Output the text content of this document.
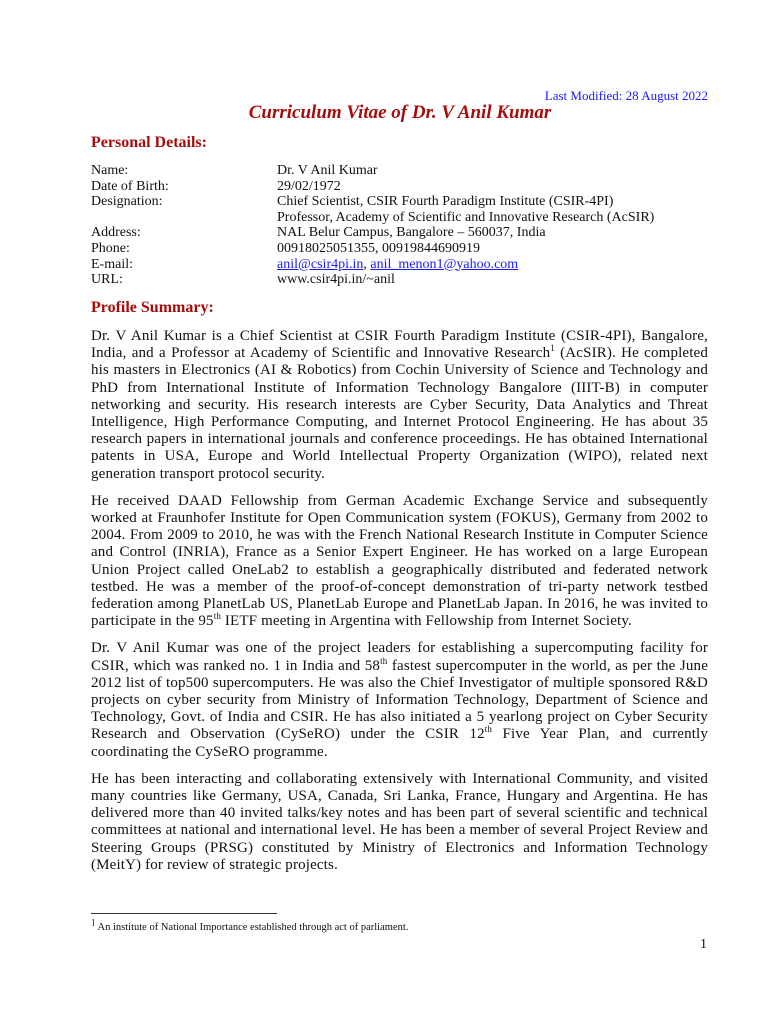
Last Modified: 28 August 2022
Curriculum Vitae of Dr. V Anil Kumar
Personal Details:
Name:	Dr. V Anil Kumar
Date of Birth:	29/02/1972
Designation:	Chief Scientist, CSIR Fourth Paradigm Institute (CSIR-4PI)
Professor, Academy of Scientific and Innovative Research (AcSIR)
Address:	NAL Belur Campus, Bangalore – 560037, India
Phone:	00918025051355, 00919844690919
E-mail:	anil@csir4pi.in, anil_menon1@yahoo.com
URL:	www.csir4pi.in/~anil
Profile Summary:

Dr. V Anil Kumar is a Chief Scientist at CSIR Fourth Paradigm Institute (CSIR-4PI), Bangalore, India, and a Professor at Academy of Scientific and Innovative Research$^1$ (AcSIR). He completed his masters in Electronics (AI & Robotics) from Cochin University of Science and Technology and PhD from International Institute of Information Technology Bangalore (IIIT-B) in computer networking and security. His research interests are Cyber Security, Data Analytics and Threat Intelligence, High Performance Computing, and Internet Protocol Engineering. He has about 35 research papers in international journals and conference proceedings. He has obtained International patents in USA, Europe and World Intellectual Property Organization (WIPO), related next generation transport protocol security.

He received DAAD Fellowship from German Academic Exchange Service and subsequently worked at Fraunhofer Institute for Open Communication system (FOKUS), Germany from 2002 to 2004. From 2009 to 2010, he was with the French National Research Institute in Computer Science and Control (INRIA), France as a Senior Expert Engineer. He has worked on a large European Union Project called OneLab2 to establish a geographically distributed and federated network testbed. He was a member of the proof-of-concept demonstration of tri-party network testbed federation among PlanetLab US, PlanetLab Europe and PlanetLab Japan. In 2016, he was invited to participate in the 95th IETF meeting in Argentina with Fellowship from Internet Society.

Dr. V Anil Kumar was one of the project leaders for establishing a supercomputing facility for CSIR, which was ranked no. 1 in India and 58th fastest supercomputer in the world, as per the June 2012 list of top500 supercomputers. He was also the Chief Investigator of multiple sponsored R&D projects on cyber security from Ministry of Information Technology, Department of Science and Technology, Govt. of India and CSIR. He has also initiated a 5 yearlong project on Cyber Security Research and Observation (CySeRO) under the CSIR 12th Five Year Plan, and currently coordinating the CySeRO programme.

He has been interacting and collaborating extensively with International Community, and visited many countries like Germany, USA, Canada, Sri Lanka, France, Hungary and Argentina. He has delivered more than 40 invited talks/key notes and has been part of several scientific and technical committees at national and international level. He has been a member of several Project Review and Steering Groups (PRSG) constituted by Ministry of Electronics and Information Technology (MeitY) for review of strategic projects.

$^1$ An institute of National Importance established through act of parliament.
1
